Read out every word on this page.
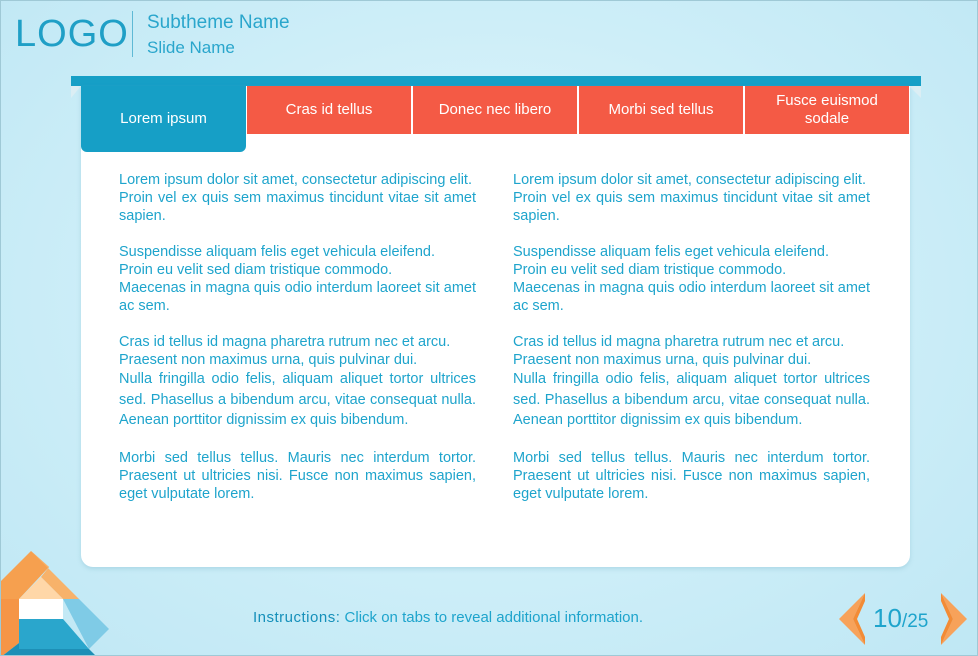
LOGO Subtheme Name
Slide Name
Lorem ipsum
Cras id tellus	Donec nec libero	Morbi sed tellus
Fusce euismod sodale

Lorem ipsum dolor sit amet, consectetur adipiscing elit.
Proin vel ex quis sem maximus tincidunt vitae sit amet sapien.

Suspendisse aliquam felis eget vehicula eleifend.
Proin eu velit sed diam tristique commodo.
Maecenas in magna quis odio interdum laoreet sit amet ac sem.

Cras id tellus id magna pharetra rutrum nec et arcu.
Praesent non maximus urna, quis pulvinar dui.

Nulla fringilla odio felis, aliquam aliquet tortor ultrices sed. Phasellus a bibendum arcu, vitae consequat nulla. Aenean porttitor dignissim ex quis bibendum.

Morbi sed tellus tellus. Mauris nec interdum tortor. Praesent ut ultricies nisi. Fusce non maximus sapien, eget vulputate lorem.

Lorem ipsum dolor sit amet, consectetur adipiscing elit.
Proin vel ex quis sem maximus tincidunt vitae sit amet sapien.

Suspendisse aliquam felis eget vehicula eleifend.
Proin eu velit sed diam tristique commodo.
Maecenas in magna quis odio interdum laoreet sit amet ac sem.

Cras id tellus id magna pharetra rutrum nec et arcu.
Praesent non maximus urna, quis pulvinar dui.

Nulla fringilla odio felis, aliquam aliquet tortor ultrices sed. Phasellus a bibendum arcu, vitae consequat nulla. Aenean porttitor dignissim ex quis bibendum.

Morbi sed tellus tellus. Mauris nec interdum tortor. Praesent ut ultricies nisi. Fusce non maximus sapien, eget vulputate lorem.

Instructions: Click on tabs to reveal additional information.	10/25
